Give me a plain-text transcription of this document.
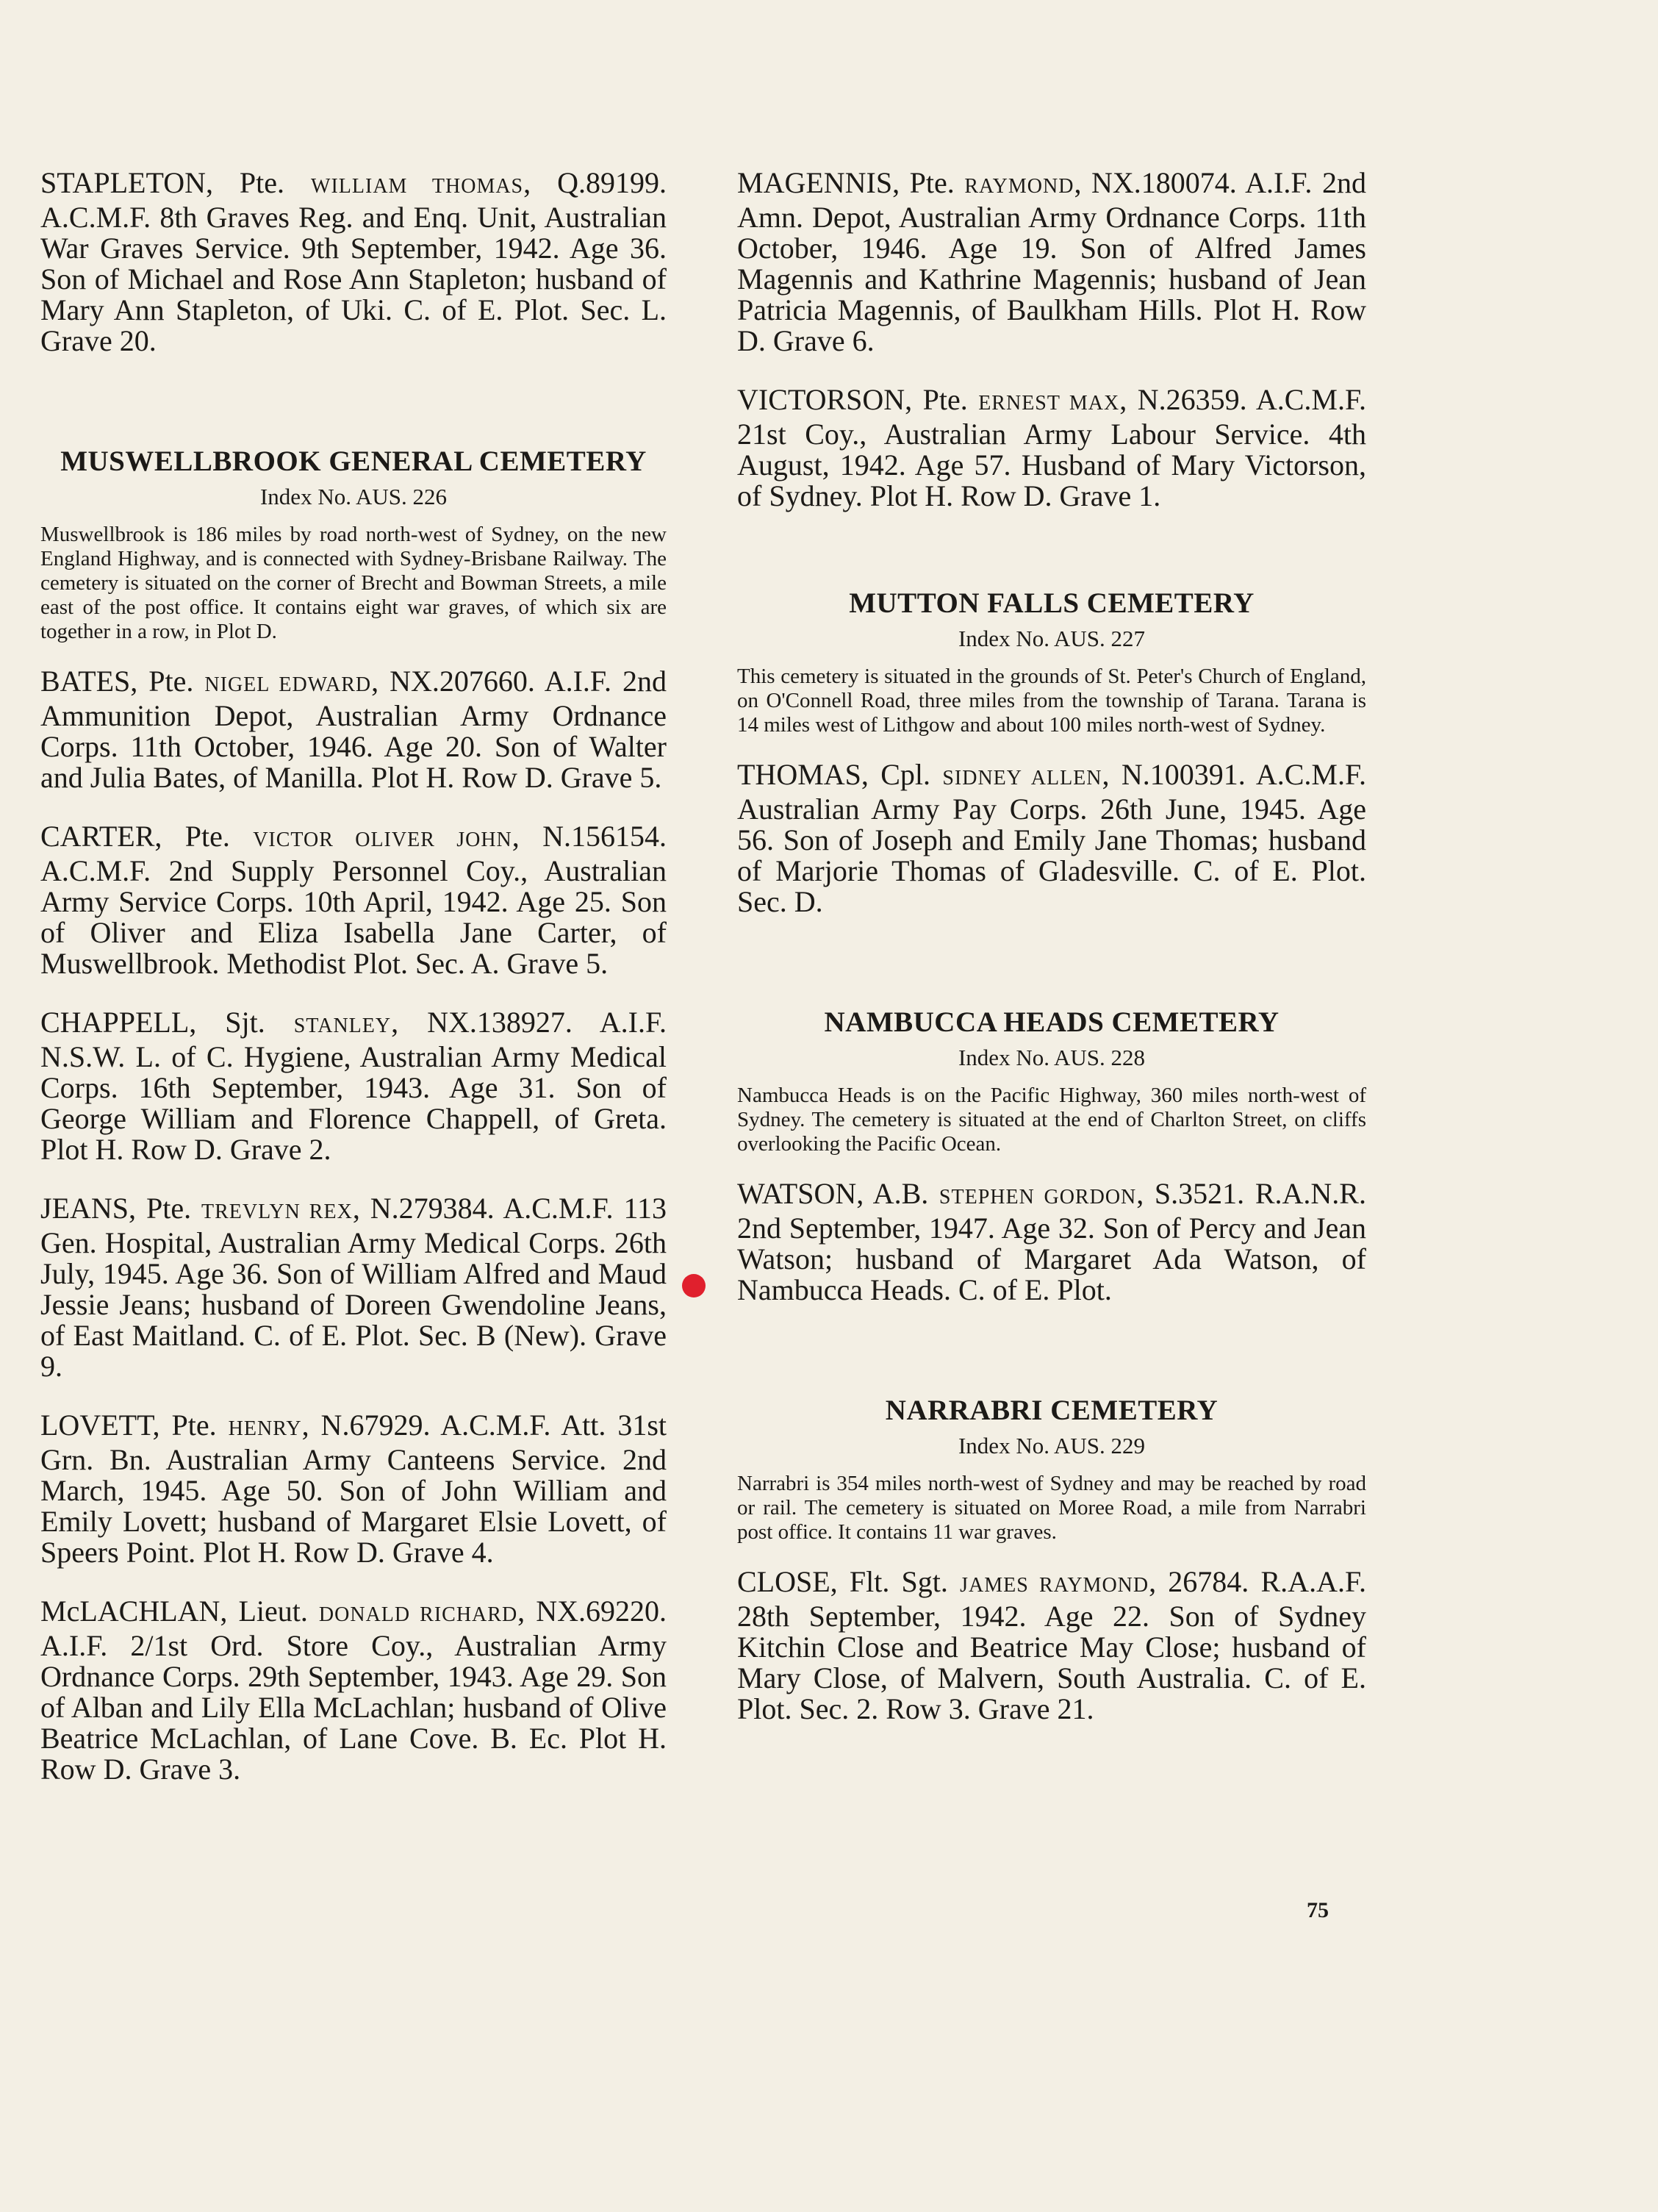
STAPLETON, Pte. WILLIAM THOMAS, Q.89199. A.C.M.F. 8th Graves Reg. and Enq. Unit, Australian War Graves Service. 9th September, 1942. Age 36. Son of Michael and Rose Ann Stapleton; husband of Mary Ann Stapleton, of Uki. C. of E. Plot. Sec. L. Grave 20.

MUSWELLBROOK GENERAL CEMETERY
Index No. AUS. 226

Muswellbrook is 186 miles by road north-west of Sydney, on the new England Highway, and is connected with Sydney-Brisbane Railway. The cemetery is situated on the corner of Brecht and Bowman Streets, a mile east of the post office. It contains eight war graves, of which six are together in a row, in Plot D.

BATES, Pte. NIGEL EDWARD, NX.207660. A.I.F. 2nd Ammunition Depot, Australian Army Ordnance Corps. 11th October, 1946. Age 20. Son of Walter and Julia Bates, of Manilla. Plot H. Row D. Grave 5.

CARTER, Pte. VICTOR OLIVER JOHN, N.156154. A.C.M.F. 2nd Supply Personnel Coy., Australian Army Service Corps. 10th April, 1942. Age 25. Son of Oliver and Eliza Isabella Jane Carter, of Muswellbrook. Methodist Plot. Sec. A. Grave 5.

CHAPPELL, Sjt. STANLEY, NX.138927. A.I.F. N.S.W. L. of C. Hygiene, Australian Army Medical Corps. 16th September, 1943. Age 31. Son of George William and Florence Chappell, of Greta. Plot H. Row D. Grave 2.

JEANS, Pte. TREVLYN REX, N.279384. A.C.M.F. 113 Gen. Hospital, Australian Army Medical Corps. 26th July, 1945. Age 36. Son of William Alfred and Maud Jessie Jeans; husband of Doreen Gwendoline Jeans, of East Maitland. C. of E. Plot. Sec. B (New). Grave 9.

LOVETT, Pte. HENRY, N.67929. A.C.M.F. Att. 31st Grn. Bn. Australian Army Canteens Service. 2nd March, 1945. Age 50. Son of John William and Emily Lovett; husband of Margaret Elsie Lovett, of Speers Point. Plot H. Row D. Grave 4.

McLACHLAN, Lieut. DONALD RICHARD, NX.69220. A.I.F. 2/1st Ord. Store Coy., Australian Army Ordnance Corps. 29th September, 1943. Age 29. Son of Alban and Lily Ella McLachlan; husband of Olive Beatrice McLachlan, of Lane Cove. B. Ec. Plot H. Row D. Grave 3.

MAGENNIS, Pte. RAYMOND, NX.180074. A.I.F. 2nd Amn. Depot, Australian Army Ordnance Corps. 11th October, 1946. Age 19. Son of Alfred James Magennis and Kathrine Magennis; husband of Jean Patricia Magennis, of Baulkham Hills. Plot H. Row D. Grave 6.

VICTORSON, Pte. ERNEST MAX, N.26359. A.C.M.F. 21st Coy., Australian Army Labour Service. 4th August, 1942. Age 57. Husband of Mary Victorson, of Sydney. Plot H. Row D. Grave 1.

MUTTON FALLS CEMETERY
Index No. AUS. 227

This cemetery is situated in the grounds of St. Peter's Church of England, on O'Connell Road, three miles from the township of Tarana. Tarana is 14 miles west of Lithgow and about 100 miles north-west of Sydney.

THOMAS, Cpl. SIDNEY ALLEN, N.100391. A.C.M.F. Australian Army Pay Corps. 26th June, 1945. Age 56. Son of Joseph and Emily Jane Thomas; husband of Marjorie Thomas of Gladesville. C. of E. Plot. Sec. D.

NAMBUCCA HEADS CEMETERY
Index No. AUS. 228

Nambucca Heads is on the Pacific Highway, 360 miles north-west of Sydney. The cemetery is situated at the end of Charlton Street, on cliffs overlooking the Pacific Ocean.

WATSON, A.B. STEPHEN GORDON, S.3521. R.A.N.R. 2nd September, 1947. Age 32. Son of Percy and Jean Watson; husband of Margaret Ada Watson, of Nambucca Heads. C. of E. Plot.

NARRABRI CEMETERY
Index No. AUS. 229

Narrabri is 354 miles north-west of Sydney and may be reached by road or rail. The cemetery is situated on Moree Road, a mile from Narrabri post office. It contains 11 war graves.

CLOSE, Flt. Sgt. JAMES RAYMOND, 26784. R.A.A.F. 28th September, 1942. Age 22. Son of Sydney Kitchin Close and Beatrice May Close; husband of Mary Close, of Malvern, South Australia. C. of E. Plot. Sec. 2. Row 3. Grave 21.

75
